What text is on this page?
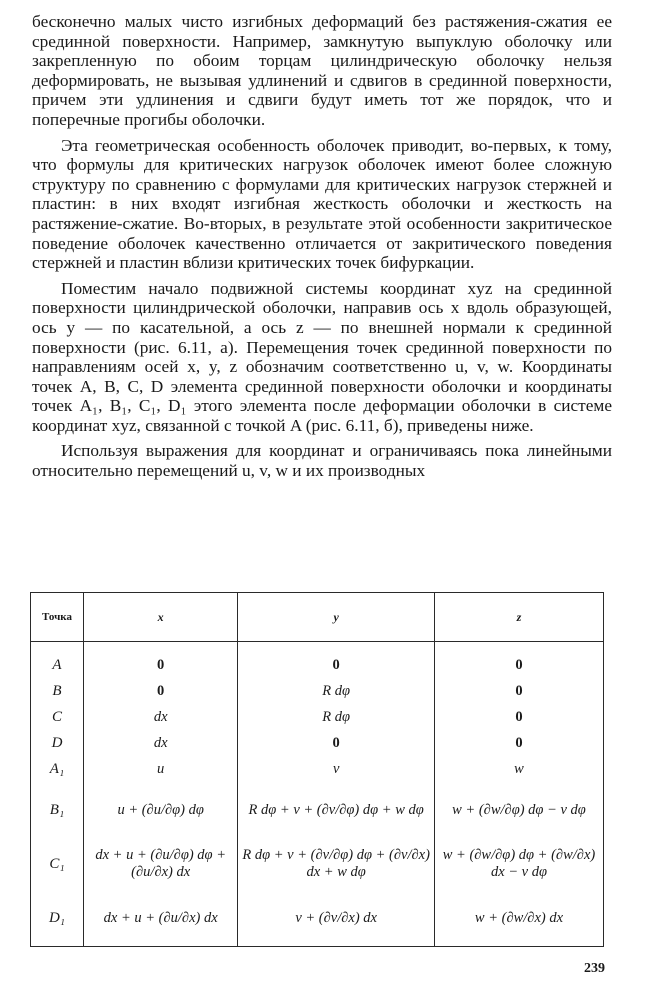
бесконечно малых чисто изгибных деформаций без растяжения-сжатия ее срединной поверхности. Например, замкнутую выпуклую оболочку или закрепленную по обоим торцам цилиндрическую оболочку нельзя деформировать, не вызывая удлинений и сдвигов в срединной поверхности, причем эти удлинения и сдвиги будут иметь тот же порядок, что и поперечные прогибы оболочки.

Эта геометрическая особенность оболочек приводит, во-первых, к тому, что формулы для критических нагрузок оболочек имеют более сложную структуру по сравнению с формулами для критических нагрузок стержней и пластин: в них входят изгибная жесткость оболочки и жесткость на растяжение-сжатие. Во-вторых, в результате этой особенности закритическое поведение оболочек качественно отличается от закритического поведения стержней и пластин вблизи критических точек бифуркации.

Поместим начало подвижной системы координат xyz на срединной поверхности цилиндрической оболочки, направив ось x вдоль образующей, ось y — по касательной, а ось z — по внешней нормали к срединной поверхности (рис. 6.11, а). Перемещения точек срединной поверхности по направлениям осей x, y, z обозначим соответственно u, v, w. Координаты точек A, B, C, D элемента срединной поверхности оболочки и координаты точек A₁, B₁, C₁, D₁ этого элемента после деформации оболочки в системе координат xyz, связанной с точкой A (рис. 6.11, б), приведены ниже.

Используя выражения для координат и ограничиваясь пока линейными относительно перемещений u, v, w и их производных

Точка	x	y	z

A	0	0	0
B	0	R dφ	0
C	dx	R dφ	0
D	dx	0	0
A₁	u	v	w
B₁	u + (∂u/∂φ) dφ	R dφ + v + (∂v/∂φ) dφ + w dφ	w + (∂w/∂φ) dφ − v dφ
C₁	dx + u + (∂u/∂φ) dφ + (∂u/∂x) dx	R dφ + v + (∂v/∂φ) dφ + (∂v/∂x) dx + w dφ	w + (∂w/∂φ) dφ + (∂w/∂x) dx − v dφ
D₁	dx + u + (∂u/∂x) dx	v + (∂v/∂x) dx	w + (∂w/∂x) dx
239
